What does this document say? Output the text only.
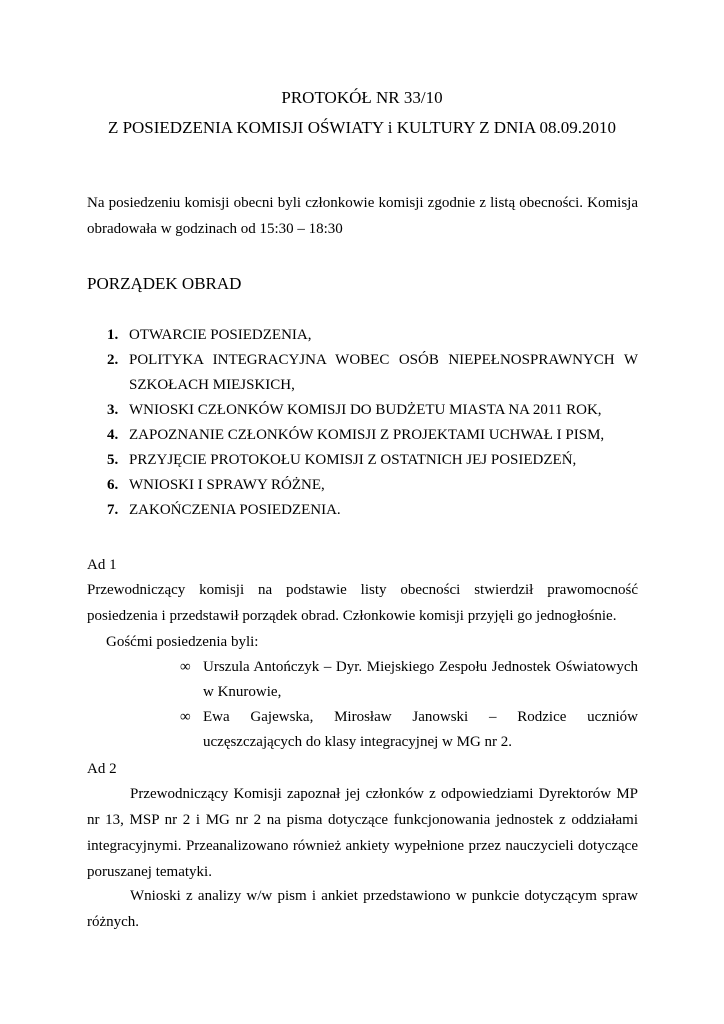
PROTOKÓŁ NR 33/10
Z POSIEDZENIA KOMISJI OŚWIATY i KULTURY Z DNIA 08.09.2010

Na posiedzeniu komisji obecni byli członkowie komisji zgodnie z listą obecności. Komisja obradowała w godzinach od 15:30 – 18:30

PORZĄDEK OBRAD
1. OTWARCIE POSIEDZENIA,
2. POLITYKA INTEGRACYJNA WOBEC OSÓB NIEPEŁNOSPRAWNYCH W SZKOŁACH MIEJSKICH,
3. WNIOSKI CZŁONKÓW KOMISJI DO BUDŻETU MIASTA NA 2011 ROK,
4. ZAPOZNANIE CZŁONKÓW KOMISJI Z PROJEKTAMI UCHWAŁ I PISM,
5. PRZYJĘCIE PROTOKOŁU KOMISJI Z OSTATNICH JEJ POSIEDZEŃ,
6. WNIOSKI I SPRAWY RÓŻNE,
7. ZAKOŃCZENIA POSIEDZENIA.

Ad 1

Przewodniczący komisji na podstawie listy obecności stwierdził prawomocność posiedzenia i przedstawił porządek obrad. Członkowie komisji przyjęli go jednogłośnie.

Gośćmi posiedzenia byli:

∞ Urszula Antończyk – Dyr. Miejskiego Zespołu Jednostek Oświatowych w Knurowie,
∞ Ewa Gajewska, Mirosław Janowski – Rodzice uczniów uczęszczających do klasy integracyjnej w MG nr 2.

Ad 2

Przewodniczący Komisji zapoznał jej członków z odpowiedziami Dyrektorów MP nr 13, MSP nr 2 i MG nr 2 na pisma dotyczące funkcjonowania jednostek z oddziałami integracyjnymi. Przeanalizowano również ankiety wypełnione przez nauczycieli dotyczące poruszanej tematyki.

Wnioski z analizy w/w pism i ankiet przedstawiono w punkcie dotyczącym spraw różnych.
